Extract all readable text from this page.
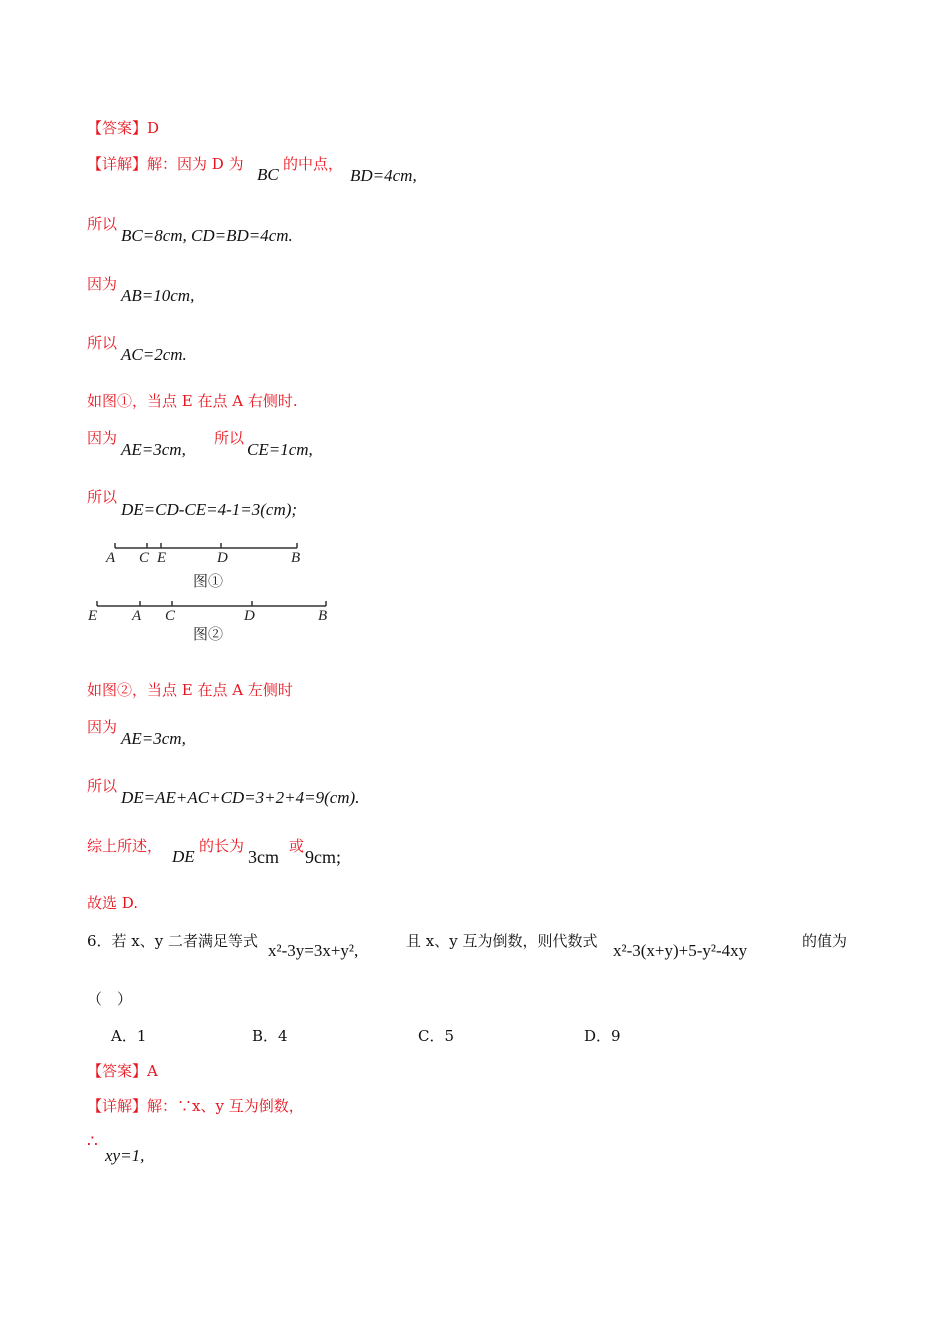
【答案】D
【详解】解：因为 D 为
BC
的中点，
BD=4cm,
所以
BC=8cm, CD=BD=4cm.
因为
AB=10cm,
所以
AC=2cm.
如图①，当点 E 在点 A 右侧时.
因为
AE=3cm,
所以
CE=1cm,
所以
DE=CD-CE=4-1=3(cm);
A C E	D	B
图①
E A C	D	B
图②
如图②，当点 E 在点 A 左侧时
因为
AE=3cm,
所以
DE=AE+AC+CD=3+2+4=9(cm).
综上所述，
DE
的长为
3cm
或
9cm;
故选 D.
6．若 x、y 二者满足等式 x²-3y=3x+y²,	且 x、y 互为倒数，则代数式 x²-3(x+y)+5-y²-4xy	的值为
（　）
A．1	B．4	C．5	D．9
【答案】A
【详解】解：∵x、y 互为倒数，
∴
xy=1,
